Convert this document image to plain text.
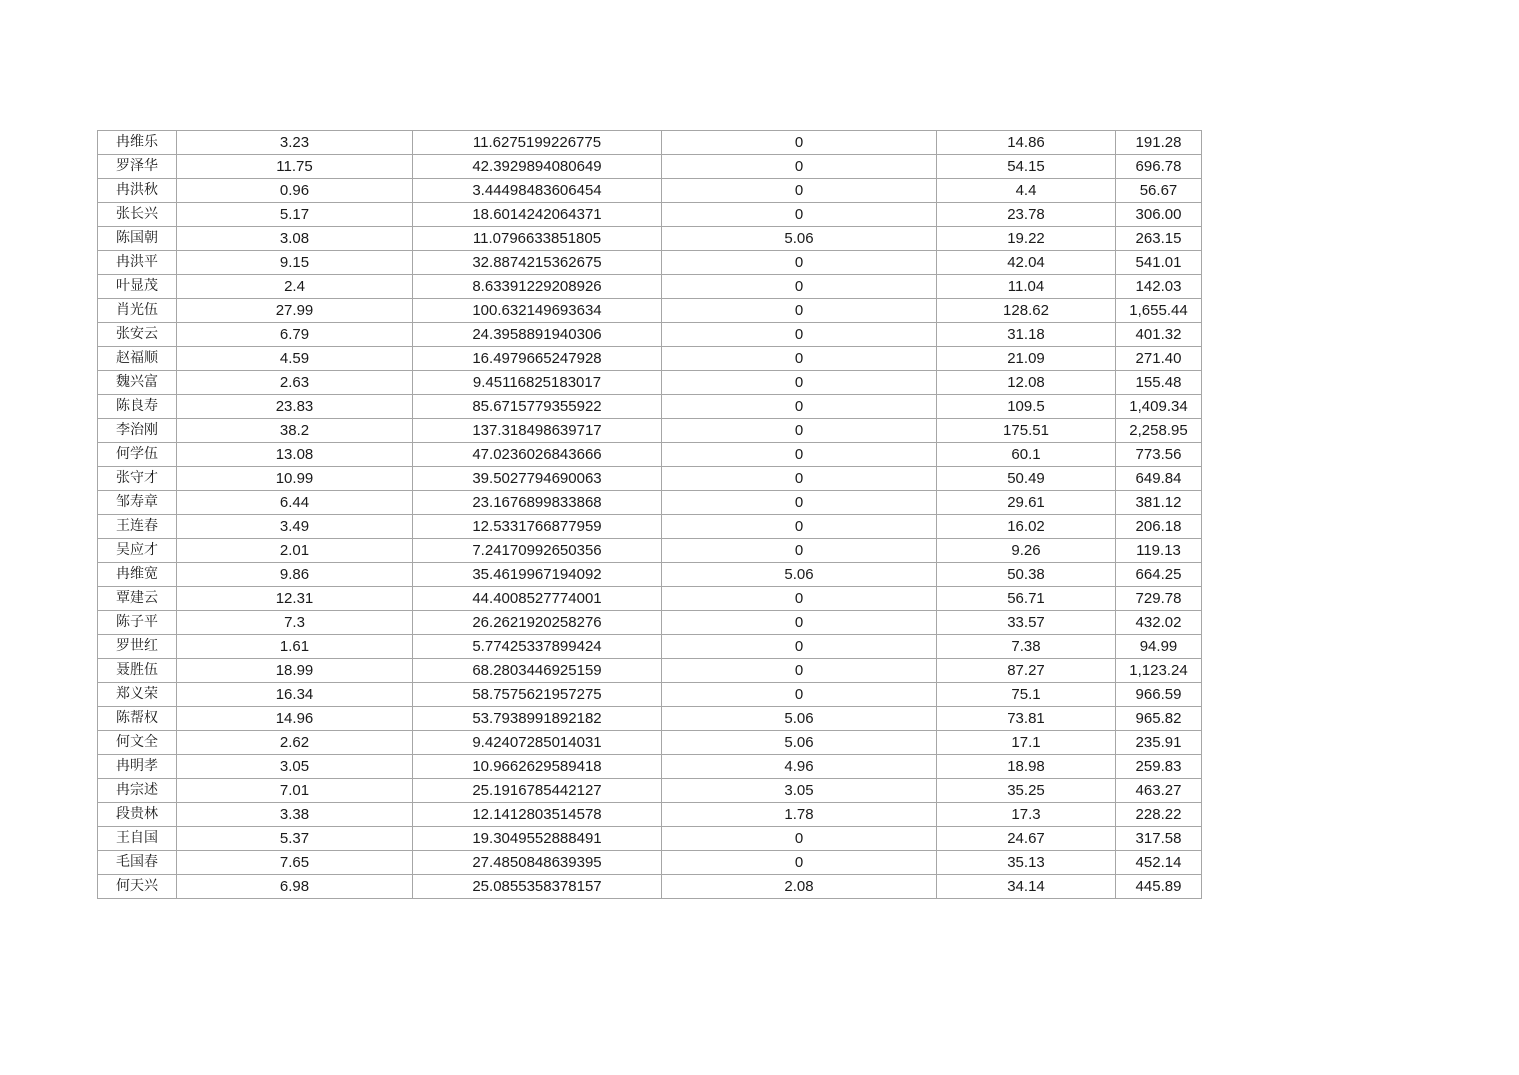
冉维乐	3.23	11.6275199226775	0	14.86	191.28
罗泽华	11.75	42.3929894080649	0	54.15	696.78
冉洪秋	0.96	3.44498483606454	0	4.4	56.67
张长兴	5.17	18.6014242064371	0	23.78	306.00
陈国朝	3.08	11.0796633851805	5.06	19.22	263.15
冉洪平	9.15	32.8874215362675	0	42.04	541.01
叶显茂	2.4	8.63391229208926	0	11.04	142.03
肖光伍	27.99	100.632149693634	0	128.62	1,655.44
张安云	6.79	24.3958891940306	0	31.18	401.32
赵福顺	4.59	16.4979665247928	0	21.09	271.40
魏兴富	2.63	9.45116825183017	0	12.08	155.48
陈良寿	23.83	85.6715779355922	0	109.5	1,409.34
李治刚	38.2	137.318498639717	0	175.51	2,258.95
何学伍	13.08	47.0236026843666	0	60.1	773.56
张守才	10.99	39.5027794690063	0	50.49	649.84
邹寿章	6.44	23.1676899833868	0	29.61	381.12
王连春	3.49	12.5331766877959	0	16.02	206.18
吴应才	2.01	7.24170992650356	0	9.26	119.13
冉维宽	9.86	35.4619967194092	5.06	50.38	664.25
覃建云	12.31	44.4008527774001	0	56.71	729.78
陈子平	7.3	26.2621920258276	0	33.57	432.02
罗世红	1.61	5.77425337899424	0	7.38	94.99
聂胜伍	18.99	68.2803446925159	0	87.27	1,123.24
郑义荣	16.34	58.7575621957275	0	75.1	966.59
陈帮权	14.96	53.7938991892182	5.06	73.81	965.82
何文全	2.62	9.42407285014031	5.06	17.1	235.91
冉明孝	3.05	10.9662629589418	4.96	18.98	259.83
冉宗述	7.01	25.1916785442127	3.05	35.25	463.27
段贵林	3.38	12.1412803514578	1.78	17.3	228.22
王自国	5.37	19.3049552888491	0	24.67	317.58
毛国春	7.65	27.4850848639395	0	35.13	452.14
何天兴	6.98	25.0855358378157	2.08	34.14	445.89
